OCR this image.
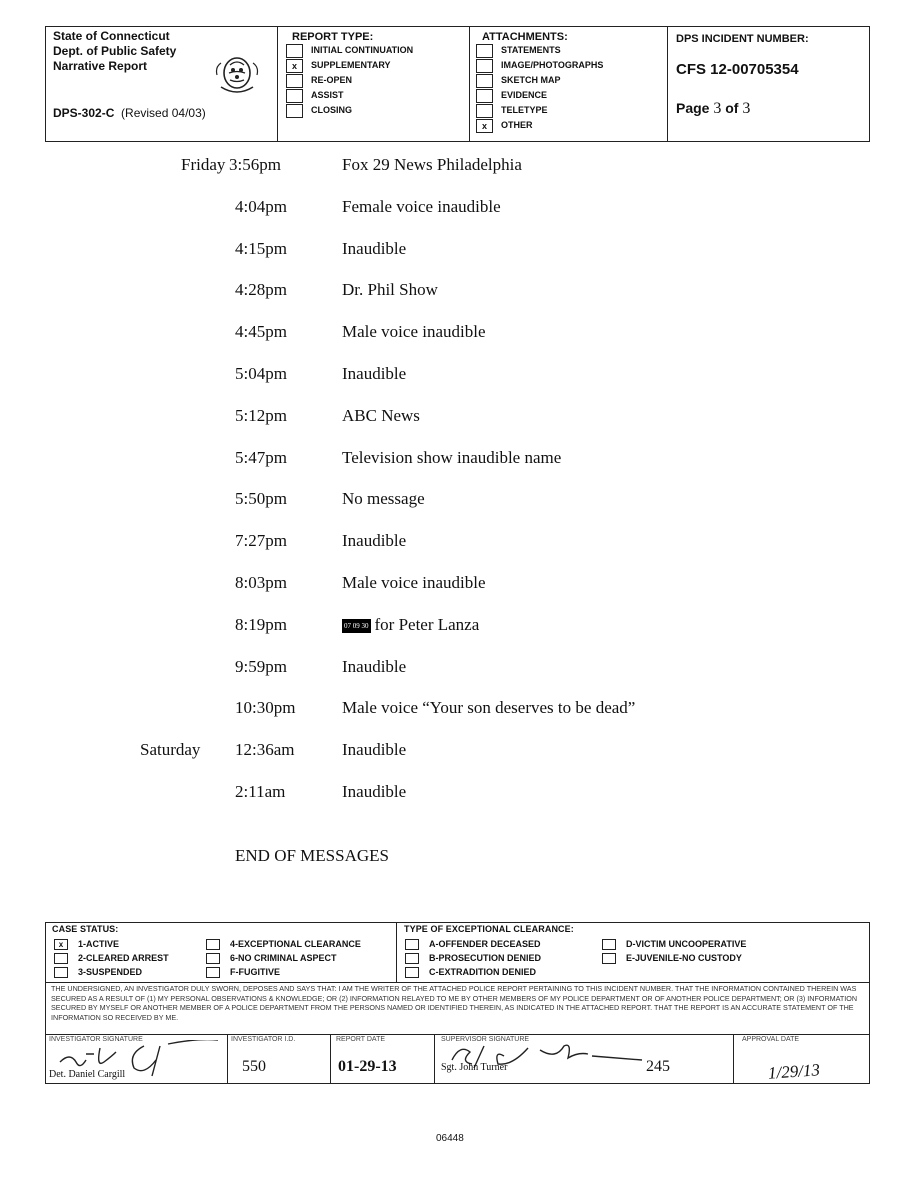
State of Connecticut
Dept. of Public Safety
Narrative Report
DPS-302-C (Revised 04/03)
REPORT TYPE:
INITIAL CONTINUATION
x SUPPLEMENTARY
RE-OPEN
ASSIST
CLOSING
ATTACHMENTS:
STATEMENTS
IMAGE/PHOTOGRAPHS
SKETCH MAP
EVIDENCE
TELETYPE
x OTHER
DPS INCIDENT NUMBER:
CFS 12-00705354
Page 3 of 3
Friday 3:56pm	Fox 29 News Philadelphia
4:04pm	Female voice inaudible
4:15pm	Inaudible
4:28pm	Dr. Phil Show
4:45pm	Male voice inaudible
5:04pm	Inaudible
5:12pm	ABC News
5:47pm	Television show inaudible name
5:50pm	No message
7:27pm	Inaudible
8:03pm	Male voice inaudible
8:19pm	07 09 30 for Peter Lanza
9:59pm	Inaudible
10:30pm	Male voice “Your son deserves to be dead”
Saturday 12:36am	Inaudible
2:11am	Inaudible
END OF MESSAGES
CASE STATUS:	TYPE OF EXCEPTIONAL CLEARANCE:
x 1-ACTIVE
2-CLEARED ARREST
3-SUSPENDED
4-EXCEPTIONAL CLEARANCE
6-NO CRIMINAL ASPECT
F-FUGITIVE
A-OFFENDER DECEASED
B-PROSECUTION DENIED
C-EXTRADITION DENIED
D-VICTIM UNCOOPERATIVE
E-JUVENILE-NO CUSTODY
THE UNDERSIGNED, AN INVESTIGATOR DULY SWORN, DEPOSES AND SAYS THAT: I AM THE WRITER OF THE ATTACHED POLICE REPORT PERTAINING TO THIS INCIDENT NUMBER. THAT THE INFORMATION CONTAINED THEREIN WAS SECURED AS A RESULT OF (1) MY PERSONAL OBSERVATIONS & KNOWLEDGE; OR (2) INFORMATION RELAYED TO ME BY OTHER MEMBERS OF MY POLICE DEPARTMENT OR OF ANOTHER POLICE DEPARTMENT; OR (3) INFORMATION SECURED BY MYSELF OR ANOTHER MEMBER OF A POLICE DEPARTMENT FROM THE PERSONS NAMED OR IDENTIFIED THEREIN, AS INDICATED IN THE ATTACHED REPORT. THAT THE REPORT IS AN ACCURATE STATEMENT OF THE INFORMATION SO RECEIVED BY ME.
INVESTIGATOR SIGNATURE
Det. Daniel Cargill
INVESTIGATOR I.D.
550
REPORT DATE
01-29-13
SUPERVISOR SIGNATURE
Sgt. John Turner	245
APPROVAL DATE
1/29/13
06448
